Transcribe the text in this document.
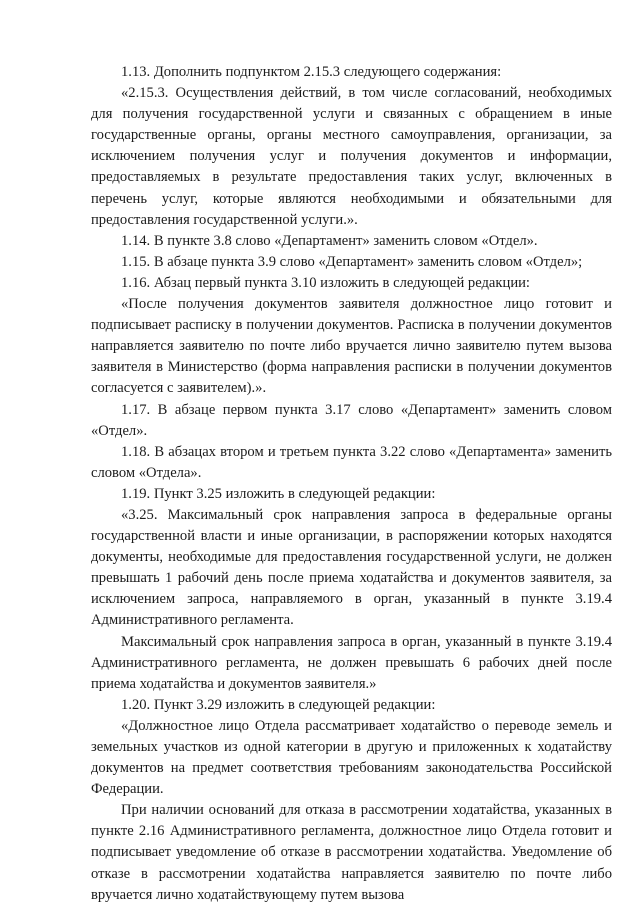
1.13. Дополнить подпунктом 2.15.3 следующего содержания:

«2.15.3. Осуществления действий, в том числе согласований, необходимых для получения государственной услуги и связанных с обращением в иные государственные органы, органы местного самоуправления, организации, за исключением получения услуг и получения документов и информации, предоставляемых в результате предоставления таких услуг, включенных в перечень услуг, которые являются необходимыми и обязательными для предоставления государственной услуги.».

1.14. В пункте 3.8 слово «Департамент» заменить словом «Отдел».

1.15. В абзаце пункта 3.9 слово «Департамент» заменить словом «Отдел»;

1.16. Абзац первый пункта 3.10 изложить в следующей редакции:

«После получения документов заявителя должностное лицо готовит и подписывает расписку в получении документов. Расписка в получении документов направляется заявителю по почте либо вручается лично заявителю путем вызова заявителя в Министерство (форма направления расписки в получении документов согласуется с заявителем).».

1.17. В абзаце первом пункта 3.17 слово «Департамент» заменить словом «Отдел».

1.18. В абзацах втором и третьем пункта 3.22 слово «Департамента» заменить словом «Отдела».

1.19. Пункт 3.25 изложить в следующей редакции:

«3.25. Максимальный срок направления запроса в федеральные органы государственной власти и иные организации, в распоряжении которых находятся документы, необходимые для предоставления государственной услуги, не должен превышать 1 рабочий день после приема ходатайства и документов заявителя, за исключением запроса, направляемого в орган, указанный в пункте 3.19.4 Административного регламента.

Максимальный срок направления запроса в орган, указанный в пункте 3.19.4 Административного регламента, не должен превышать 6 рабочих дней после приема ходатайства и документов заявителя.»

1.20. Пункт 3.29 изложить в следующей редакции:

«Должностное лицо Отдела рассматривает ходатайство о переводе земель и земельных участков из одной категории в другую и приложенных к ходатайству документов на предмет соответствия требованиям законодательства Российской Федерации.

При наличии оснований для отказа в рассмотрении ходатайства, указанных в пункте 2.16 Административного регламента, должностное лицо Отдела готовит и подписывает уведомление об отказе в рассмотрении ходатайства. Уведомление об отказе в рассмотрении ходатайства направляется заявителю по почте либо вручается лично ходатайствующему путем вызова
